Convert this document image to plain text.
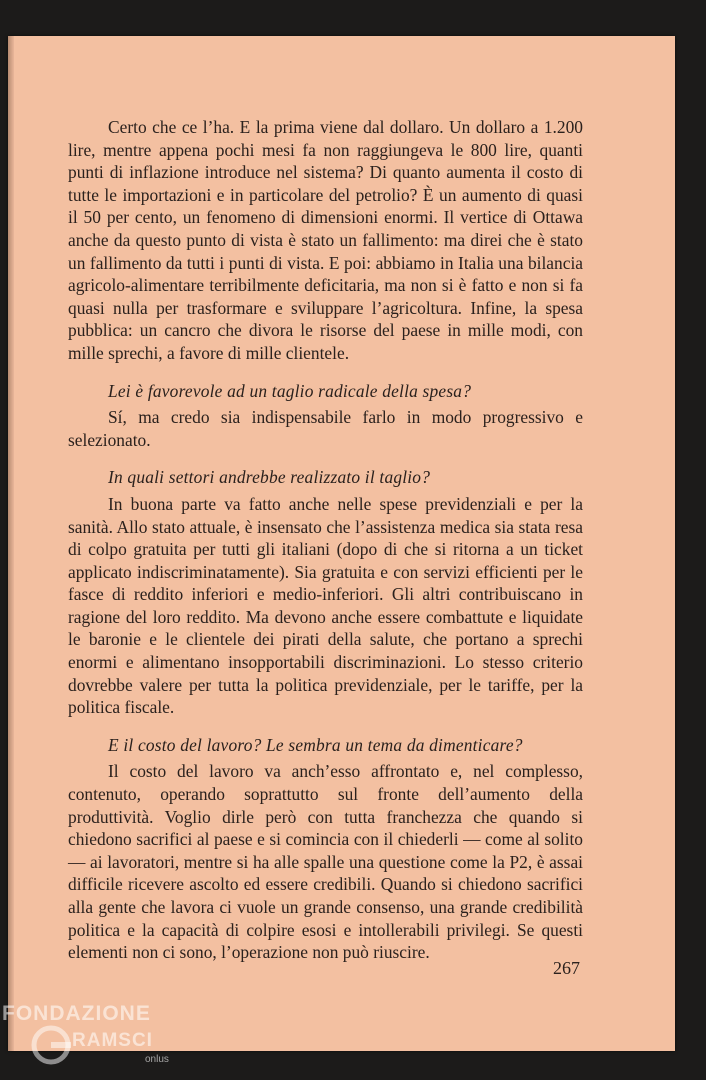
Certo che ce l’ha. E la prima viene dal dollaro. Un dollaro a 1.200 lire, mentre appena pochi mesi fa non raggiungeva le 800 lire, quanti punti di inflazione introduce nel sistema? Di quanto aumenta il costo di tutte le importazioni e in particolare del petrolio? È un aumento di quasi il 50 per cento, un fenomeno di dimensioni enormi. Il vertice di Ottawa anche da questo punto di vista è stato un fallimento: ma direi che è stato un fallimento da tutti i punti di vista. E poi: abbiamo in Italia una bilancia agricolo-alimentare terribilmente deficitaria, ma non si è fatto e non si fa quasi nulla per trasformare e sviluppare l’agricoltura. Infine, la spesa pubblica: un cancro che divora le risorse del paese in mille modi, con mille sprechi, a favore di mille clientele.

Lei è favorevole ad un taglio radicale della spesa?

Sí, ma credo sia indispensabile farlo in modo progressivo e selezionato.

In quali settori andrebbe realizzato il taglio?

In buona parte va fatto anche nelle spese previdenziali e per la sanità. Allo stato attuale, è insensato che l’assistenza medica sia stata resa di colpo gratuita per tutti gli italiani (dopo di che si ritorna a un ticket applicato indiscriminatamente). Sia gratuita e con servizi efficienti per le fasce di reddito inferiori e medio-inferiori. Gli altri contribuiscano in ragione del loro reddito. Ma devono anche essere combattute e liquidate le baronie e le clientele dei pirati della salute, che portano a sprechi enormi e alimentano insopportabili discriminazioni. Lo stesso criterio dovrebbe valere per tutta la politica previdenziale, per le tariffe, per la politica fiscale.

E il costo del lavoro? Le sembra un tema da dimenticare?

Il costo del lavoro va anch’esso affrontato e, nel complesso, contenuto, operando soprattutto sul fronte dell’aumento della produttività. Voglio dirle però con tutta franchezza che quando si chiedono sacrifici al paese e si comincia con il chiederli — come al solito — ai lavoratori, mentre si ha alle spalle una questione come la P2, è assai difficile ricevere ascolto ed essere credibili. Quando si chiedono sacrifici alla gente che lavora ci vuole un grande consenso, una grande credibilità politica e la capacità di colpire esosi e intollerabili privilegi. Se questi elementi non ci sono, l’operazione non può riuscire.

267
FONDAZIONE
RAMSCI
onlus
